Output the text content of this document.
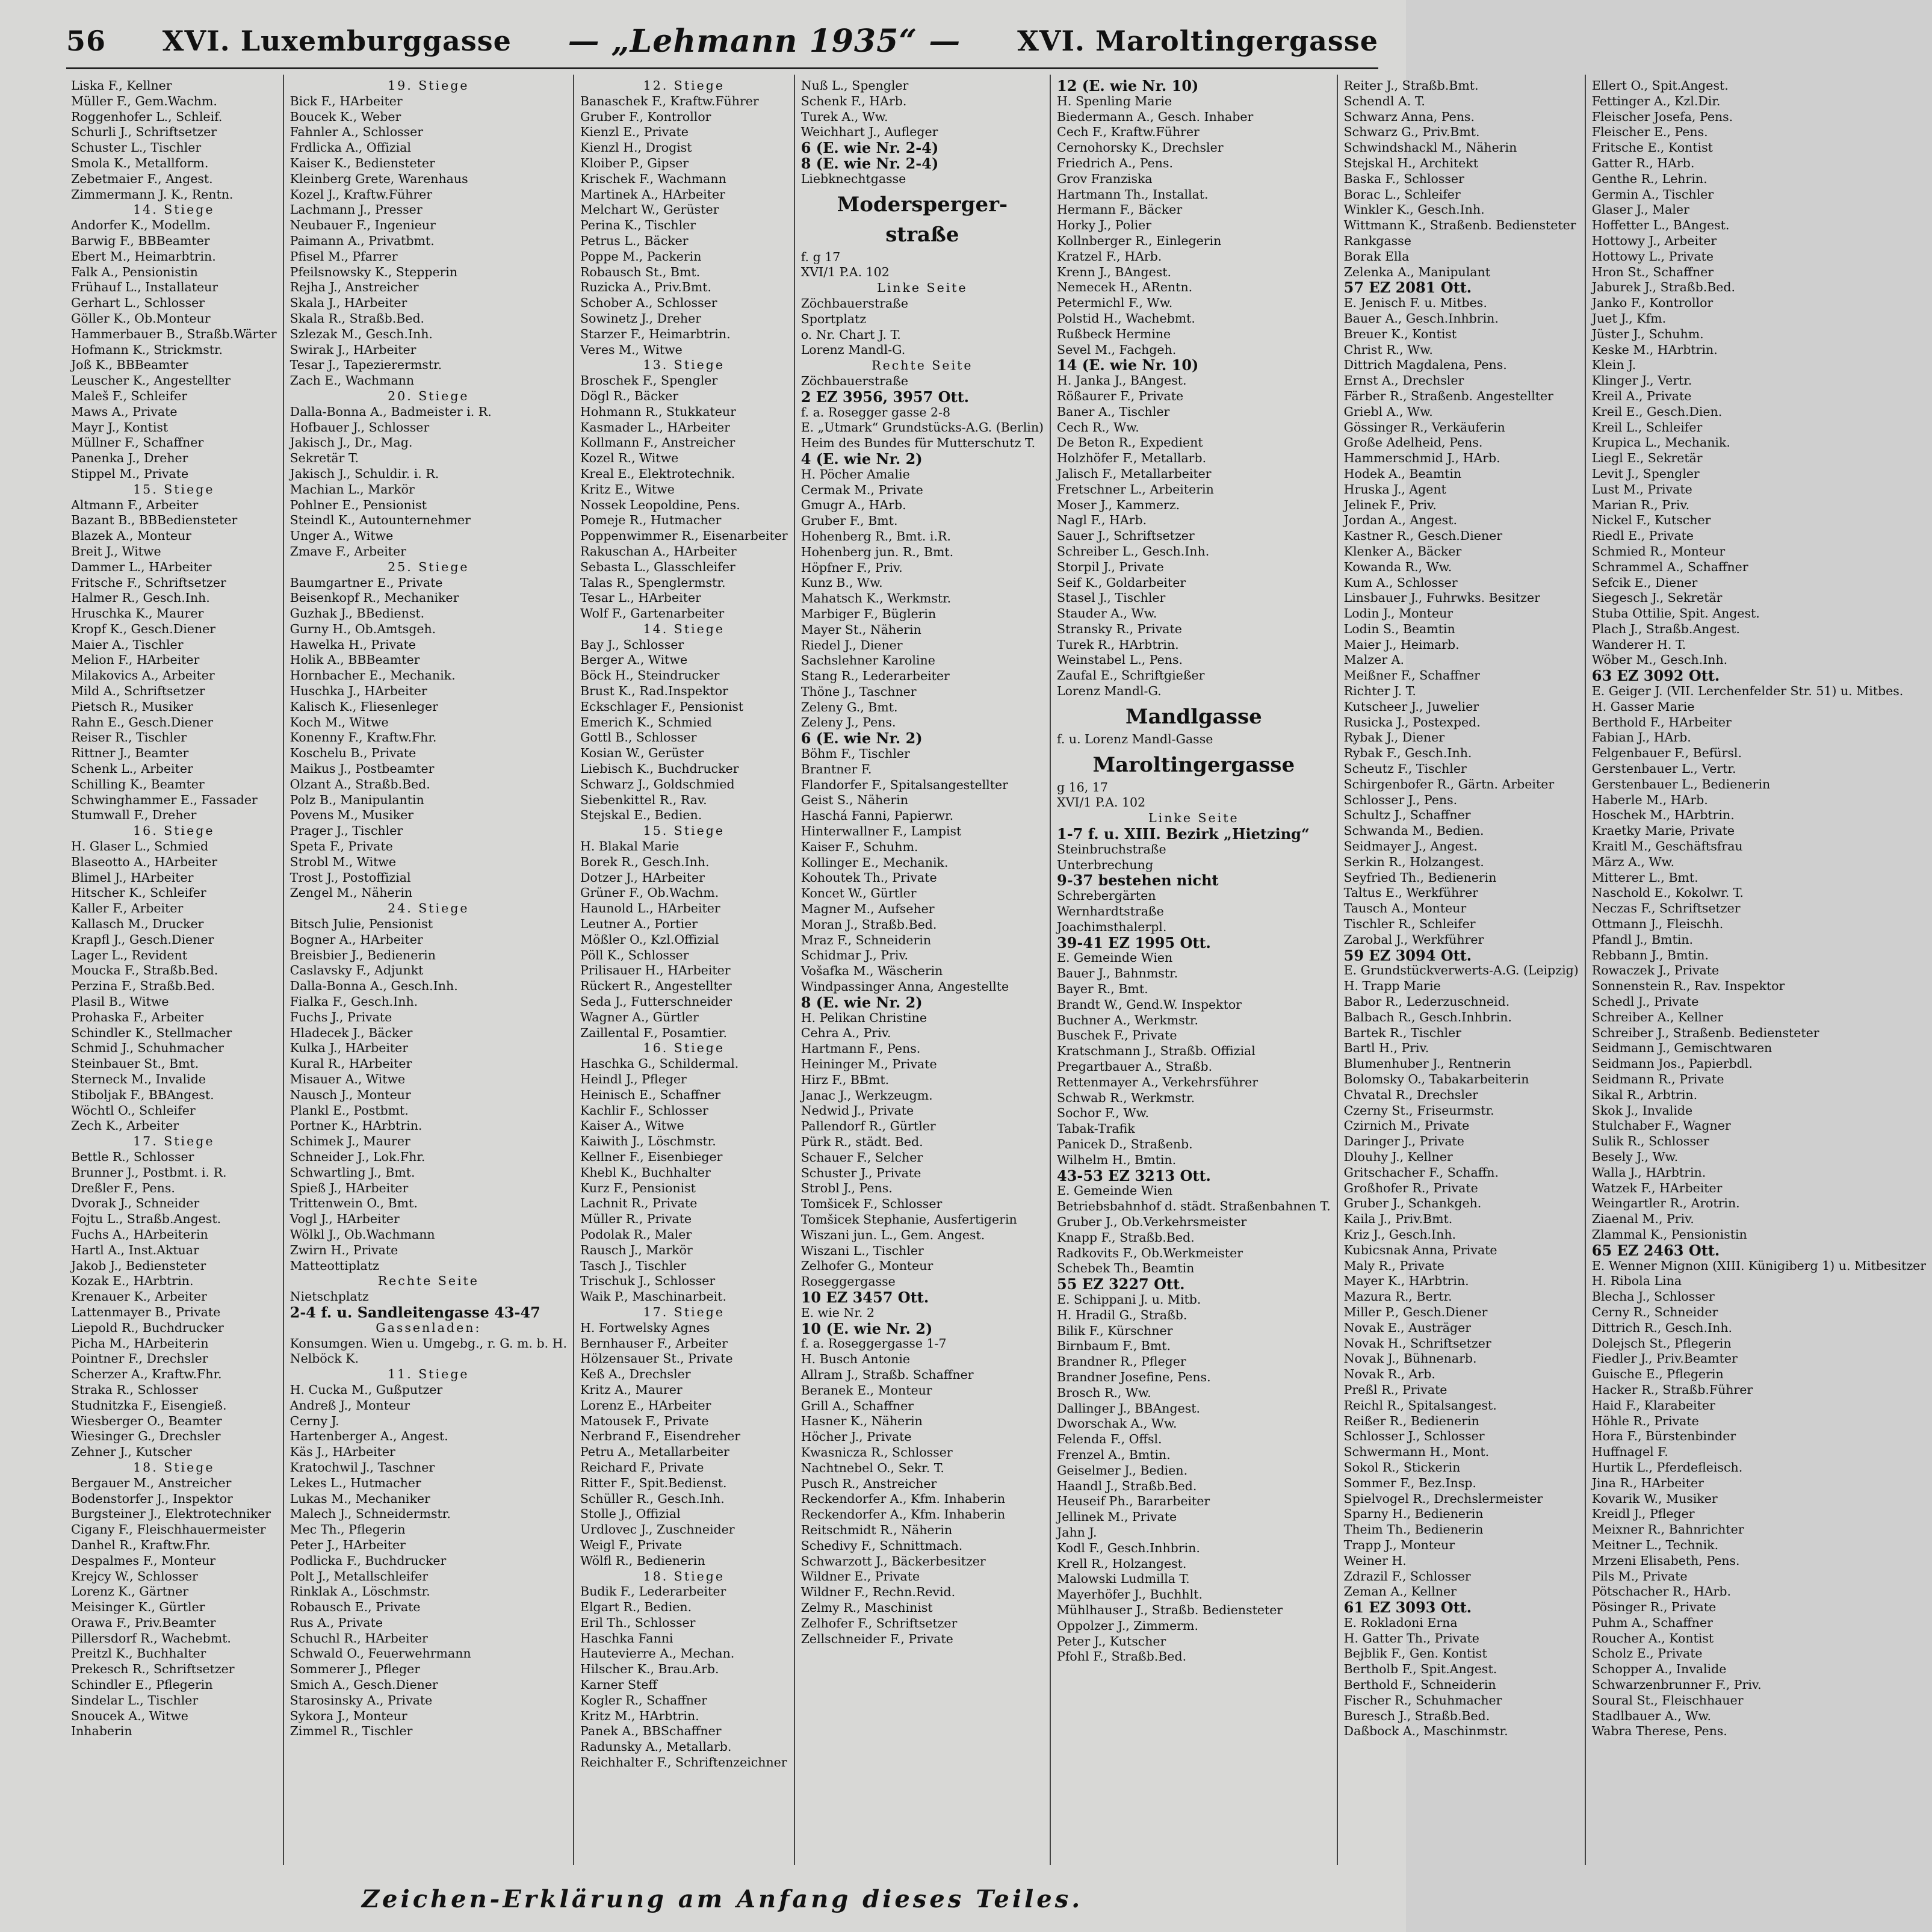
56 XVI. Luxemburggasse — „Lehmann 1935“ — XVI. Maroltingergasse
Liska F., Kellner
Müller F., Gem.Wachm.
Roggenhofer L., Schleif.
Schurli J., Schriftsetzer
Schuster L., Tischler
Smola K., Metallform.
Zebetmaier F., Angest.
Zimmermann J. K., Rentn.
14. Stiege
Andorfer K., Modellm.
Barwig F., BBBeamter
Ebert M., Heimarbtrin.
Falk A., Pensionistin
Frühauf L., Installateur
Gerhart L., Schlosser
Göller K., Ob.Monteur
Hammerbauer B., Straßb.Wärter
Hofmann K., Strickmstr.
Joß K., BBBeamter
Leuscher K., Angestellter
Maleš F., Schleifer
Maws A., Private
Mayr J., Kontist
Müllner F., Schaffner
Panenka J., Dreher
Stippel M., Private
15. Stiege
Altmann F., Arbeiter
Bazant B., BBBediensteter
Blazek A., Monteur
Breit J., Witwe
Dammer L., HArbeiter
Fritsche F., Schriftsetzer
Halmer R., Gesch.Inh.
Hruschka K., Maurer
Kropf K., Gesch.Diener
Maier A., Tischler
Melion F., HArbeiter
Milakovics A., Arbeiter
Mild A., Schriftsetzer
Pietsch R., Musiker
Rahn E., Gesch.Diener
Reiser R., Tischler
Rittner J., Beamter
Schenk L., Arbeiter
Schilling K., Beamter
Schwinghammer E., Fassader
Stumwall F., Dreher
16. Stiege
H. Glaser L., Schmied
Blaseotto A., HArbeiter
Blimel J., HArbeiter
Hitscher K., Schleifer
Kaller F., Arbeiter
Kallasch M., Drucker
Krapfl J., Gesch.Diener
Lager L., Revident
Moucka F., Straßb.Bed.
Perzina F., Straßb.Bed.
Plasil B., Witwe
Prohaska F., Arbeiter
Schindler K., Stellmacher
Schmid J., Schuhmacher
Steinbauer St., Bmt.
Sterneck M., Invalide
Stiboljak F., BBAngest.
Wöchtl O., Schleifer
Zech K., Arbeiter
17. Stiege
Bettle R., Schlosser
Brunner J., Postbmt. i. R.
Dreßler F., Pens.
Dvorak J., Schneider
Fojtu L., Straßb.Angest.
Fuchs A., HArbeiterin
Hartl A., Inst.Aktuar
Jakob J., Bediensteter
Kozak E., HArbtrin.
Krenauer K., Arbeiter
Lattenmayer B., Private
Liepold R., Buchdrucker
Picha M., HArbeiterin
Pointner F., Drechsler
Scherzer A., Kraftw.Fhr.
Straka R., Schlosser
Studnitzka F., Eisengieß.
Wiesberger O., Beamter
Wiesinger G., Drechsler
Zehner J., Kutscher
18. Stiege
Bergauer M., Anstreicher
Bodenstorfer J., Inspektor
Burgsteiner J., Elektrotechniker
Cigany F., Fleischhauermeister
Danhel R., Kraftw.Fhr.
Despalmes F., Monteur
Krejcy W., Schlosser
Lorenz K., Gärtner
Meisinger K., Gürtler
Orawa F., Priv.Beamter
Pillersdorf R., Wachebmt.
Preitzl K., Buchhalter
Prekesch R., Schriftsetzer
Schindler E., Pflegerin
Sindelar L., Tischler
Snoucek A., Witwe
Inhaberin
19. Stiege
Bick F., HArbeiter
Boucek K., Weber
Fahnler A., Schlosser
Frdlicka A., Offizial
Kaiser K., Bediensteter
Kleinberg Grete, Warenhaus
Kozel J., Kraftw.Führer
Lachmann J., Presser
Neubauer F., Ingenieur
Paimann A., Privatbmt.
Pfisel M., Pfarrer
Pfeilsnowsky K., Stepperin
Rejha J., Anstreicher
Skala J., HArbeiter
Skala R., Straßb.Bed.
Szlezak M., Gesch.Inh.
Swirak J., HArbeiter
Tesar J., Tapezierermstr.
Zach E., Wachmann
20. Stiege
Dalla-Bonna A., Badmeister i. R.
Hofbauer J., Schlosser
Jakisch J., Dr., Mag.
Sekretär T.
Jakisch J., Schuldir. i. R.
Machian L., Markör
Pohlner E., Pensionist
Steindl K., Autounternehmer
Unger A., Witwe
Zmave F., Arbeiter
25. Stiege
Baumgartner E., Private
Beisenkopf R., Mechaniker
Guzhak J., BBedienst.
Gurny H., Ob.Amtsgeh.
Hawelka H., Private
Holik A., BBBeamter
Hornbacher E., Mechanik.
Huschka J., HArbeiter
Kalisch K., Fliesenleger
Koch M., Witwe
Konenny F., Kraftw.Fhr.
Koschelu B., Private
Maikus J., Postbeamter
Olzant A., Straßb.Bed.
Polz B., Manipulantin
Povens M., Musiker
Prager J., Tischler
Speta F., Private
Strobl M., Witwe
Trost J., Postoffizial
Zengel M., Näherin
24. Stiege
Bitsch Julie, Pensionist
Bogner A., HArbeiter
Breisbier J., Bedienerin
Caslavsky F., Adjunkt
Dalla-Bonna A., Gesch.Inh.
Fialka F., Gesch.Inh.
Fuchs J., Private
Hladecek J., Bäcker
Kulka J., HArbeiter
Kural R., HArbeiter
Misauer A., Witwe
Nausch J., Monteur
Plankl E., Postbmt.
Portner K., HArbtrin.
Schimek J., Maurer
Schneider J., Lok.Fhr.
Schwartling J., Bmt.
Spieß J., HArbeiter
Trittenwein O., Bmt.
Vogl J., HArbeiter
Wölkl J., Ob.Wachmann
Zwirn H., Private
Matteottiplatz
Rechte Seite
Nietschplatz
2-4 f. u. Sandleitengasse 43-47
Gassenladen:
Konsumgen. Wien u. Umgebg., r. G. m. b. H.
Nelböck K.
11. Stiege
H. Cucka M., Gußputzer
Andreß J., Monteur
Cerny J.
Hartenberger A., Angest.
Käs J., HArbeiter
Kratochwil J., Taschner
Lekes L., Hutmacher
Lukas M., Mechaniker
Malech J., Schneidermstr.
Mec Th., Pflegerin
Peter J., HArbeiter
Podlicka F., Buchdrucker
Polt J., Metallschleifer
Rinklak A., Löschmstr.
Robausch E., Private
Rus A., Private
Schuchl R., HArbeiter
Schwald O., Feuerwehrmann
Sommerer J., Pfleger
Smich A., Gesch.Diener
Starosinsky A., Private
Sykora J., Monteur
Zimmel R., Tischler
12. Stiege
Banaschek F., Kraftw.Führer
Gruber F., Kontrollor
Kienzl E., Private
Kienzl H., Drogist
Kloiber P., Gipser
Krischek F., Wachmann
Martinek A., HArbeiter
Melchart W., Gerüster
Perina K., Tischler
Petrus L., Bäcker
Poppe M., Packerin
Robausch St., Bmt.
Ruzicka A., Priv.Bmt.
Schober A., Schlosser
Sowinetz J., Dreher
Starzer F., Heimarbtrin.
Veres M., Witwe
13. Stiege
Broschek F., Spengler
Dögl R., Bäcker
Hohmann R., Stukkateur
Kasmader L., HArbeiter
Kollmann F., Anstreicher
Kozel R., Witwe
Kreal E., Elektrotechnik.
Kritz E., Witwe
Nossek Leopoldine, Pens.
Pomeje R., Hutmacher
Poppenwimmer R., Eisenarbeiter
Rakuschan A., HArbeiter
Sebasta L., Glasschleifer
Talas R., Spenglermstr.
Tesar L., HArbeiter
Wolf F., Gartenarbeiter
14. Stiege
Bay J., Schlosser
Berger A., Witwe
Böck H., Steindrucker
Brust K., Rad.Inspektor
Eckschlager F., Pensionist
Emerich K., Schmied
Gottl B., Schlosser
Kosian W., Gerüster
Liebisch K., Buchdrucker
Schwarz J., Goldschmied
Siebenkittel R., Rav.
Stejskal E., Bedien.
15. Stiege
H. Blakal Marie
Borek R., Gesch.Inh.
Dotzer J., HArbeiter
Grüner F., Ob.Wachm.
Haunold L., HArbeiter
Leutner A., Portier
Mößler O., Kzl.Offizial
Pöll K., Schlosser
Prilisauer H., HArbeiter
Rückert R., Angestellter
Seda J., Futterschneider
Wagner A., Gürtler
Zaillental F., Posamtier.
16. Stiege
Haschka G., Schildermal.
Heindl J., Pfleger
Heinisch E., Schaffner
Kachlir F., Schlosser
Kaiser A., Witwe
Kaiwith J., Löschmstr.
Kellner F., Eisenbieger
Khebl K., Buchhalter
Kurz F., Pensionist
Lachnit R., Private
Müller R., Private
Podolak R., Maler
Rausch J., Markör
Tasch J., Tischler
Trischuk J., Schlosser
Waik P., Maschinarbeit.
17. Stiege
H. Fortwelsky Agnes
Bernhauser F., Arbeiter
Hölzensauer St., Private
Keß A., Drechsler
Kritz A., Maurer
Lorenz E., HArbeiter
Matousek F., Private
Nerbrand F., Eisendreher
Petru A., Metallarbeiter
Reichard F., Private
Ritter F., Spit.Bedienst.
Schüller R., Gesch.Inh.
Stolle J., Offizial
Urdlovec J., Zuschneider
Weigl F., Private
Wölfl R., Bedienerin
18. Stiege
Budik F., Lederarbeiter
Elgart R., Bedien.
Eril Th., Schlosser
Haschka Fanni
Hautevierre A., Mechan.
Hilscher K., Brau.Arb.
Karner Steff
Kogler R., Schaffner
Kritz M., HArbtrin.
Panek A., BBSchaffner
Radunsky A., Metallarb.
Reichhalter F., Schriftenzeichner
Nuß L., Spengler
Schenk F., HArb.
Turek A., Ww.
Weichhart J., Aufleger
6 (E. wie Nr. 2-4)
8 (E. wie Nr. 2-4)
Liebknechtgasse
Modersperger-
straße
f. g 17
XVI/1 P.A. 102
Linke Seite
Zöchbauerstraße
Sportplatz
o. Nr. Chart J. T.
Lorenz Mandl-G.
Rechte Seite
Zöchbauerstraße
2 EZ 3956, 3957 Ott.
f. a. Rosegger gasse 2-8
E. „Utmark“ Grundstücks-A.G. (Berlin)
Heim des Bundes für Mutterschutz T.
4 (E. wie Nr. 2)
H. Pöcher Amalie
Cermak M., Private
Gmugr A., HArb.
Gruber F., Bmt.
Hohenberg R., Bmt. i.R.
Hohenberg jun. R., Bmt.
Höpfner F., Priv.
Kunz B., Ww.
Mahatsch K., Werkmstr.
Marbiger F., Büglerin
Mayer St., Näherin
Riedel J., Diener
Sachslehner Karoline
Stang R., Lederarbeiter
Thöne J., Taschner
Zeleny G., Bmt.
Zeleny J., Pens.
6 (E. wie Nr. 2)
Böhm F., Tischler
Brantner F.
Flandorfer F., Spitalsangestellter
Geist S., Näherin
Haschá Fanni, Papierwr.
Hinterwallner F., Lampist
Kaiser F., Schuhm.
Kollinger E., Mechanik.
Kohoutek Th., Private
Koncet W., Gürtler
Magner M., Aufseher
Moran J., Straßb.Bed.
Mraz F., Schneiderin
Schidmar J., Priv.
Vošafka M., Wäscherin
Windpassinger Anna, Angestellte
8 (E. wie Nr. 2)
H. Pelikan Christine
Cehra A., Priv.
Hartmann F., Pens.
Heininger M., Private
Hirz F., BBmt.
Janac J., Werkzeugm.
Nedwid J., Private
Pallendorf R., Gürtler
Pürk R., städt. Bed.
Schauer F., Selcher
Schuster J., Private
Strobl J., Pens.
Tomšicek F., Schlosser
Tomšicek Stephanie, Ausfertigerin
Wiszani jun. L., Gem. Angest.
Wiszani L., Tischler
Zelhofer G., Monteur
Roseggergasse
10 EZ 3457 Ott.
E. wie Nr. 2
10 (E. wie Nr. 2)
f. a. Roseggergasse 1-7
H. Busch Antonie
Allram J., Straßb. Schaffner
Beranek E., Monteur
Grill A., Schaffner
Hasner K., Näherin
Höcher J., Private
Kwasnicza R., Schlosser
Nachtnebel O., Sekr. T.
Pusch R., Anstreicher
Reckendorfer A., Kfm. Inhaberin
Reckendorfer A., Kfm. Inhaberin
Reitschmidt R., Näherin
Schedivy F., Schnittmach.
Schwarzott J., Bäckerbesitzer
Wildner E., Private
Wildner F., Rechn.Revid.
Zelmy R., Maschinist
Zelhofer F., Schriftsetzer
Zellschneider F., Private
12 (E. wie Nr. 10)
H. Spenling Marie
Biedermann A., Gesch. Inhaber
Cech F., Kraftw.Führer
Cernohorsky K., Drechsler
Friedrich A., Pens.
Grov Franziska
Hartmann Th., Installat.
Hermann F., Bäcker
Horky J., Polier
Kollnberger R., Einlegerin
Kratzel F., HArb.
Krenn J., BAngest.
Nemecek H., ARentn.
Petermichl F., Ww.
Polstid H., Wachebmt.
Rußbeck Hermine
Sevel M., Fachgeh.
14 (E. wie Nr. 10)
H. Janka J., BAngest.
Rößaurer F., Private
Baner A., Tischler
Cech R., Ww.
De Beton R., Expedient
Holzhöfer F., Metallarb.
Jalisch F., Metallarbeiter
Fretschner L., Arbeiterin
Moser J., Kammerz.
Nagl F., HArb.
Sauer J., Schriftsetzer
Schreiber L., Gesch.Inh.
Storpil J., Private
Seif K., Goldarbeiter
Stasel J., Tischler
Stauder A., Ww.
Stransky R., Private
Turek R., HArbtrin.
Weinstabel L., Pens.
Zaufal E., Schriftgießer
Lorenz Mandl-G.
Mandlgasse
f. u. Lorenz Mandl-Gasse
Maroltingergasse
g 16, 17
XVI/1 P.A. 102
Linke Seite
1-7 f. u. XIII. Bezirk „Hietzing“
Steinbruchstraße
Unterbrechung
9-37 bestehen nicht
Schrebergärten
Wernhardtstraße
Joachimsthalerpl.
39-41 EZ 1995 Ott.
E. Gemeinde Wien
Bauer J., Bahnmstr.
Bayer R., Bmt.
Brandt W., Gend.W. Inspektor
Buchner A., Werkmstr.
Buschek F., Private
Kratschmann J., Straßb. Offizial
Pregartbauer A., Straßb.
Rettenmayer A., Verkehrsführer
Schwab R., Werkmstr.
Sochor F., Ww.
Tabak-Trafik
Panicek D., Straßenb.
Wilhelm H., Bmtin.
43-53 EZ 3213 Ott.
E. Gemeinde Wien
Betriebsbahnhof d. städt. Straßenbahnen T.
Gruber J., Ob.Verkehrsmeister
Knapp F., Straßb.Bed.
Radkovits F., Ob.Werkmeister
Schebek Th., Beamtin
55 EZ 3227 Ott.
E. Schippani J. u. Mitb.
H. Hradil G., Straßb.
Bilik F., Kürschner
Birnbaum F., Bmt.
Brandner R., Pfleger
Brandner Josefine, Pens.
Brosch R., Ww.
Dallinger J., BBAngest.
Dworschak A., Ww.
Felenda F., Offsl.
Frenzel A., Bmtin.
Geiselmer J., Bedien.
Haandl J., Straßb.Bed.
Heuseif Ph., Bararbeiter
Jellinek M., Private
Jahn J.
Kodl F., Gesch.Inhbrin.
Krell R., Holzangest.
Malowski Ludmilla T.
Mayerhöfer J., Buchhlt.
Mühlhauser J., Straßb. Bediensteter
Oppolzer J., Zimmerm.
Peter J., Kutscher
Pfohl F., Straßb.Bed.
Reiter J., Straßb.Bmt.
Schendl A. T.
Schwarz Anna, Pens.
Schwarz G., Priv.Bmt.
Schwindshackl M., Näherin
Stejskal H., Architekt
Baska F., Schlosser
Borac L., Schleifer
Winkler K., Gesch.Inh.
Wittmann K., Straßenb. Bediensteter
Rankgasse
Borak Ella
Zelenka A., Manipulant
57 EZ 2081 Ott.
E. Jenisch F. u. Mitbes.
Bauer A., Gesch.Inhbrin.
Breuer K., Kontist
Christ R., Ww.
Dittrich Magdalena, Pens.
Ernst A., Drechsler
Färber R., Straßenb. Angestellter
Griebl A., Ww.
Gössinger R., Verkäuferin
Große Adelheid, Pens.
Hammerschmid J., HArb.
Hodek A., Beamtin
Hruska J., Agent
Jelinek F., Priv.
Jordan A., Angest.
Kastner R., Gesch.Diener
Klenker A., Bäcker
Kowanda R., Ww.
Kum A., Schlosser
Linsbauer J., Fuhrwks. Besitzer
Lodin J., Monteur
Lodin S., Beamtin
Maier J., Heimarb.
Malzer A.
Meißner F., Schaffner
Richter J. T.
Kutscheer J., Juwelier
Rusicka J., Postexped.
Rybak J., Diener
Rybak F., Gesch.Inh.
Scheutz F., Tischler
Schirgenbofer R., Gärtn. Arbeiter
Schlosser J., Pens.
Schultz J., Schaffner
Schwanda M., Bedien.
Seidmayer J., Angest.
Serkin R., Holzangest.
Seyfried Th., Bedienerin
Taltus E., Werkführer
Tausch A., Monteur
Tischler R., Schleifer
Zarobal J., Werkführer
59 EZ 3094 Ott.
E. Grundstückverwerts-A.G. (Leipzig)
H. Trapp Marie
Babor R., Lederzuschneid.
Balbach R., Gesch.Inhbrin.
Bartek R., Tischler
Bartl H., Priv.
Blumenhuber J., Rentnerin
Bolomsky O., Tabakarbeiterin
Chvatal R., Drechsler
Czerny St., Friseurmstr.
Czirnich M., Private
Daringer J., Private
Dlouhy J., Kellner
Gritschacher F., Schaffn.
Großhofer R., Private
Gruber J., Schankgeh.
Kaila J., Priv.Bmt.
Kriz J., Gesch.Inh.
Kubicsnak Anna, Private
Maly R., Private
Mayer K., HArbtrin.
Mazura R., Bertr.
Miller P., Gesch.Diener
Novak E., Austräger
Novak H., Schriftsetzer
Novak J., Bühnenarb.
Novak R., Arb.
Preßl R., Private
Reichl R., Spitalsangest.
Reißer R., Bedienerin
Schlosser J., Schlosser
Schwermann H., Mont.
Sokol R., Stickerin
Sommer F., Bez.Insp.
Spielvogel R., Drechslermeister
Sparny H., Bedienerin
Theim Th., Bedienerin
Trapp J., Monteur
Weiner H.
Zdrazil F., Schlosser
Zeman A., Kellner
61 EZ 3093 Ott.
E. Rokladoni Erna
H. Gatter Th., Private
Bejblik F., Gen. Kontist
Bertholb F., Spit.Angest.
Berthold F., Schneiderin
Fischer R., Schuhmacher
Buresch J., Straßb.Bed.
Daßbock A., Maschinmstr.
Ellert O., Spit.Angest.
Fettinger A., Kzl.Dir.
Fleischer Josefa, Pens.
Fleischer E., Pens.
Fritsche E., Kontist
Gatter R., HArb.
Genthe R., Lehrin.
Germin A., Tischler
Glaser J., Maler
Hoffetter L., BAngest.
Hottowy J., Arbeiter
Hottowy L., Private
Hron St., Schaffner
Jaburek J., Straßb.Bed.
Janko F., Kontrollor
Juet J., Kfm.
Jüster J., Schuhm.
Keske M., HArbtrin.
Klein J.
Klinger J., Vertr.
Kreil A., Private
Kreil E., Gesch.Dien.
Kreil L., Schleifer
Krupica L., Mechanik.
Liegl E., Sekretär
Levit J., Spengler
Lust M., Private
Marian R., Priv.
Nickel F., Kutscher
Riedl E., Private
Schmied R., Monteur
Schrammel A., Schaffner
Sefcik E., Diener
Siegesch J., Sekretär
Stuba Ottilie, Spit. Angest.
Plach J., Straßb.Angest.
Wanderer H. T.
Wöber M., Gesch.Inh.
63 EZ 3092 Ott.
E. Geiger J. (VII. Lerchenfelder Str. 51) u. Mitbes.
H. Gasser Marie
Berthold F., HArbeiter
Fabian J., HArb.
Felgenbauer F., Befürsl.
Gerstenbauer L., Vertr.
Gerstenbauer L., Bedienerin
Haberle M., HArb.
Hoschek M., HArbtrin.
Kraetky Marie, Private
Kraitl M., Geschäftsfrau
März A., Ww.
Mitterer L., Bmt.
Naschold E., Kokolwr. T.
Neczas F., Schriftsetzer
Ottmann J., Fleischh.
Pfandl J., Bmtin.
Rebbann J., Bmtin.
Rowaczek J., Private
Sonnenstein R., Rav. Inspektor
Schedl J., Private
Schreiber A., Kellner
Schreiber J., Straßenb. Bediensteter
Seidmann J., Gemischtwaren
Seidmann Jos., Papierbdl.
Seidmann R., Private
Sikal R., Arbtrin.
Skok J., Invalide
Stulchaber F., Wagner
Sulik R., Schlosser
Besely J., Ww.
Walla J., HArbtrin.
Watzek F., HArbeiter
Weingartler R., Arotrin.
Ziaenal M., Priv.
Zlammal K., Pensionistin
65 EZ 2463 Ott.
E. Wenner Mignon (XIII. Künigiberg 1) u. Mitbesitzer
H. Ribola Lina
Blecha J., Schlosser
Cerny R., Schneider
Dittrich R., Gesch.Inh.
Dolejsch St., Pflegerin
Fiedler J., Priv.Beamter
Guische E., Pflegerin
Hacker R., Straßb.Führer
Haid F., Klarabeiter
Höhle R., Private
Hora F., Bürstenbinder
Huffnagel F.
Hurtik L., Pferdefleisch.
Jina R., HArbeiter
Kovarik W., Musiker
Kreidl J., Pfleger
Meixner R., Bahnrichter
Meitner L., Technik.
Mrzeni Elisabeth, Pens.
Pils M., Private
Pötschacher R., HArb.
Pösinger R., Private
Puhm A., Schaffner
Roucher A., Kontist
Scholz E., Private
Schopper A., Invalide
Schwarzenbrunner F., Priv.
Soural St., Fleischhauer
Stadlbauer A., Ww.
Wabra Therese, Pens.
Zeichen-Erklärung am Anfang dieses Teiles.
